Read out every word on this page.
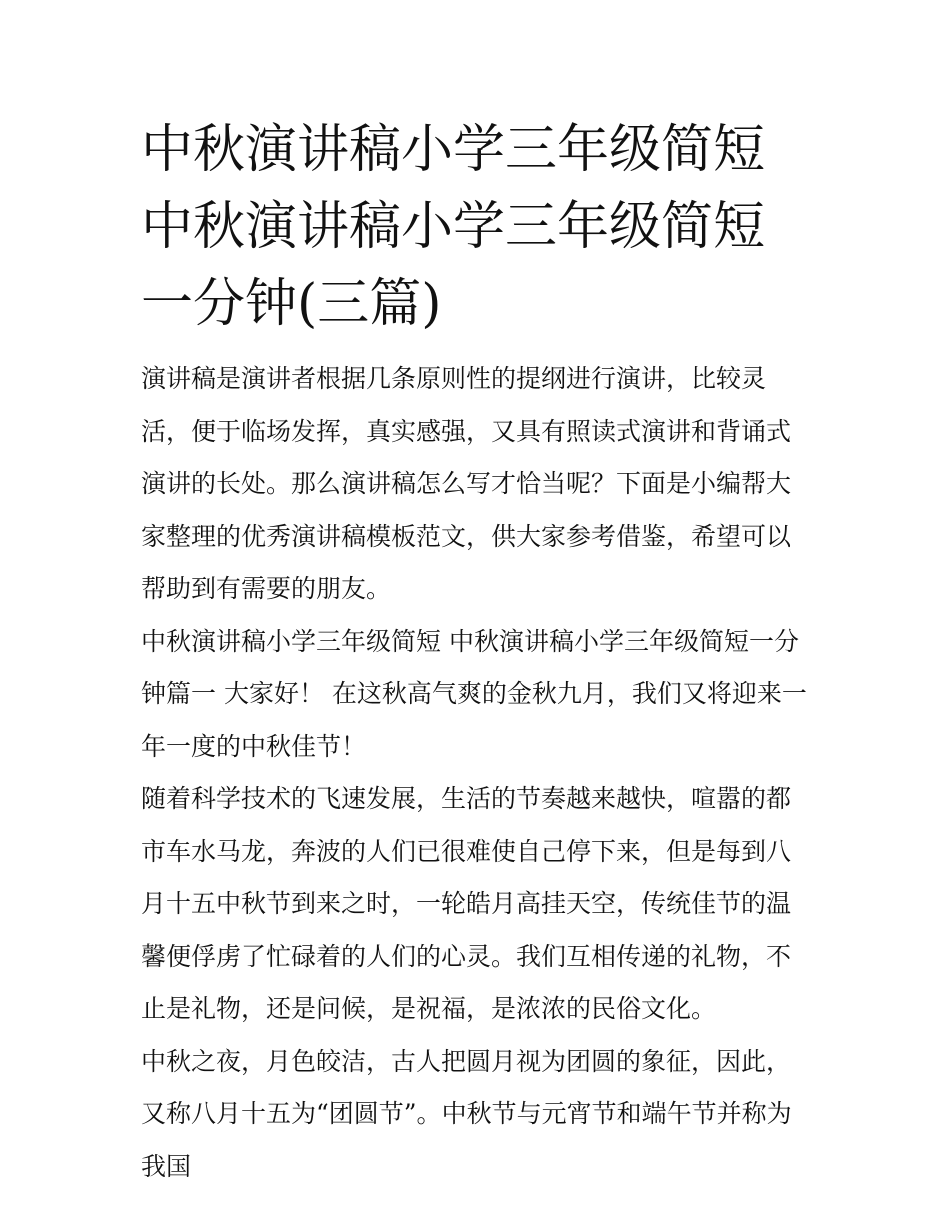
中秋演讲稿小学三年级简短 中秋演讲稿小学三年级简短一分钟(三篇)

演讲稿是演讲者根据几条原则性的提纲进行演讲，比较灵活，便于临场发挥，真实感强，又具有照读式演讲和背诵式演讲的长处。那么演讲稿怎么写才恰当呢？下面是小编帮大家整理的优秀演讲稿模板范文，供大家参考借鉴，希望可以帮助到有需要的朋友。

中秋演讲稿小学三年级简短 中秋演讲稿小学三年级简短一分钟篇一 大家好！ 在这秋高气爽的金秋九月，我们又将迎来一年一度的中秋佳节！

随着科学技术的飞速发展，生活的节奏越来越快，喧嚣的都市车水马龙，奔波的人们已很难使自己停下来，但是每到八月十五中秋节到来之时，一轮皓月高挂天空，传统佳节的温馨便俘虏了忙碌着的人们的心灵。我们互相传递的礼物，不止是礼物，还是问候，是祝福，是浓浓的民俗文化。

中秋之夜，月色皎洁，古人把圆月视为团圆的象征，因此，又称八月十五为“团圆节”。中秋节与元宵节和端午节并称为我国
